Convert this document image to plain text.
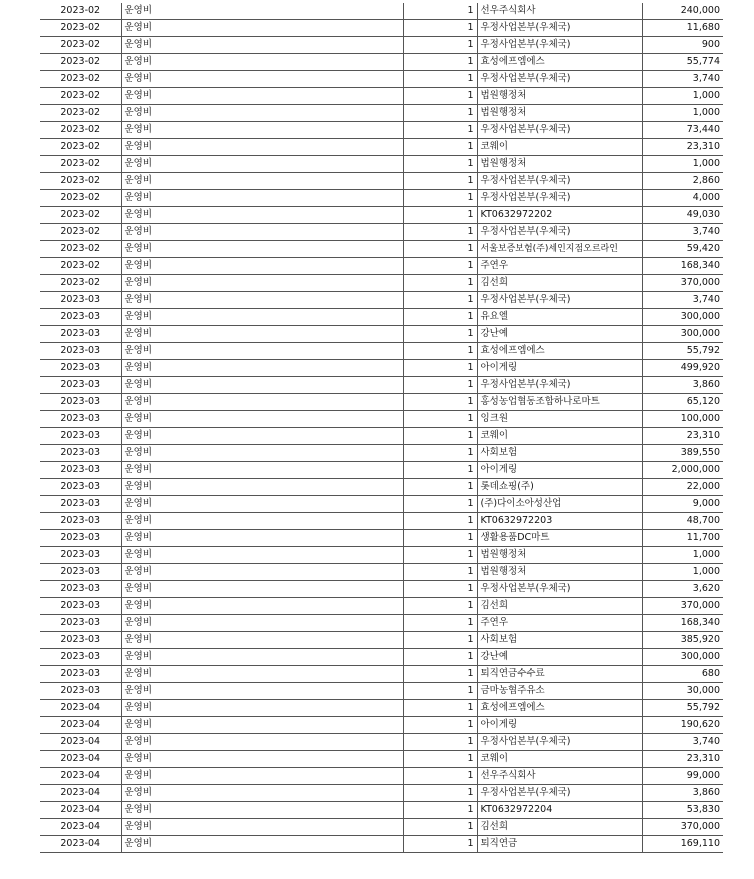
2023-02	운영비	1	선우주식회사	240,000
2023-02	운영비	1	우정사업본부(우체국)	11,680
2023-02	운영비	1	우정사업본부(우체국)	900
2023-02	운영비	1	효성에프엠에스	55,774
2023-02	운영비	1	우정사업본부(우체국)	3,740
2023-02	운영비	1	법원행정처	1,000
2023-02	운영비	1	법원행정처	1,000
2023-02	운영비	1	우정사업본부(우체국)	73,440
2023-02	운영비	1	코웨이	23,310
2023-02	운영비	1	법원행정처	1,000
2023-02	운영비	1	우정사업본부(우체국)	2,860
2023-02	운영비	1	우정사업본부(우체국)	4,000
2023-02	운영비	1	KT0632972202	49,030
2023-02	운영비	1	우정사업본부(우체국)	3,740
2023-02	운영비	1	서울보증보험(주)세인지점오르라인	59,420
2023-02	운영비	1	주연우	168,340
2023-02	운영비	1	김선희	370,000
2023-03	운영비	1	우정사업본부(우체국)	3,740
2023-03	운영비	1	유요엘	300,000
2023-03	운영비	1	강난예	300,000
2023-03	운영비	1	효성에프엠에스	55,792
2023-03	운영비	1	아이게링	499,920
2023-03	운영비	1	우정사업본부(우체국)	3,860
2023-03	운영비	1	홍성농업협동조합하나로마트	65,120
2023-03	운영비	1	잉크원	100,000
2023-03	운영비	1	코웨이	23,310
2023-03	운영비	1	사회보험	389,550
2023-03	운영비	1	아이게링	2,000,000
2023-03	운영비	1	롯데쇼핑(주)	22,000
2023-03	운영비	1	(주)다이소아성산업	9,000
2023-03	운영비	1	KT0632972203	48,700
2023-03	운영비	1	생활용품DC마트	11,700
2023-03	운영비	1	법원행정처	1,000
2023-03	운영비	1	법원행정처	1,000
2023-03	운영비	1	우정사업본부(우체국)	3,620
2023-03	운영비	1	김선희	370,000
2023-03	운영비	1	주연우	168,340
2023-03	운영비	1	사회보험	385,920
2023-03	운영비	1	강난예	300,000
2023-03	운영비	1	퇴직연금수수료	680
2023-03	운영비	1	금마농협주유소	30,000
2023-04	운영비	1	효성에프엠에스	55,792
2023-04	운영비	1	아이게링	190,620
2023-04	운영비	1	우정사업본부(우체국)	3,740
2023-04	운영비	1	코웨이	23,310
2023-04	운영비	1	선우주식회사	99,000
2023-04	운영비	1	우정사업본부(우체국)	3,860
2023-04	운영비	1	KT0632972204	53,830
2023-04	운영비	1	김선희	370,000
2023-04	운영비	1	퇴직연금	169,110
